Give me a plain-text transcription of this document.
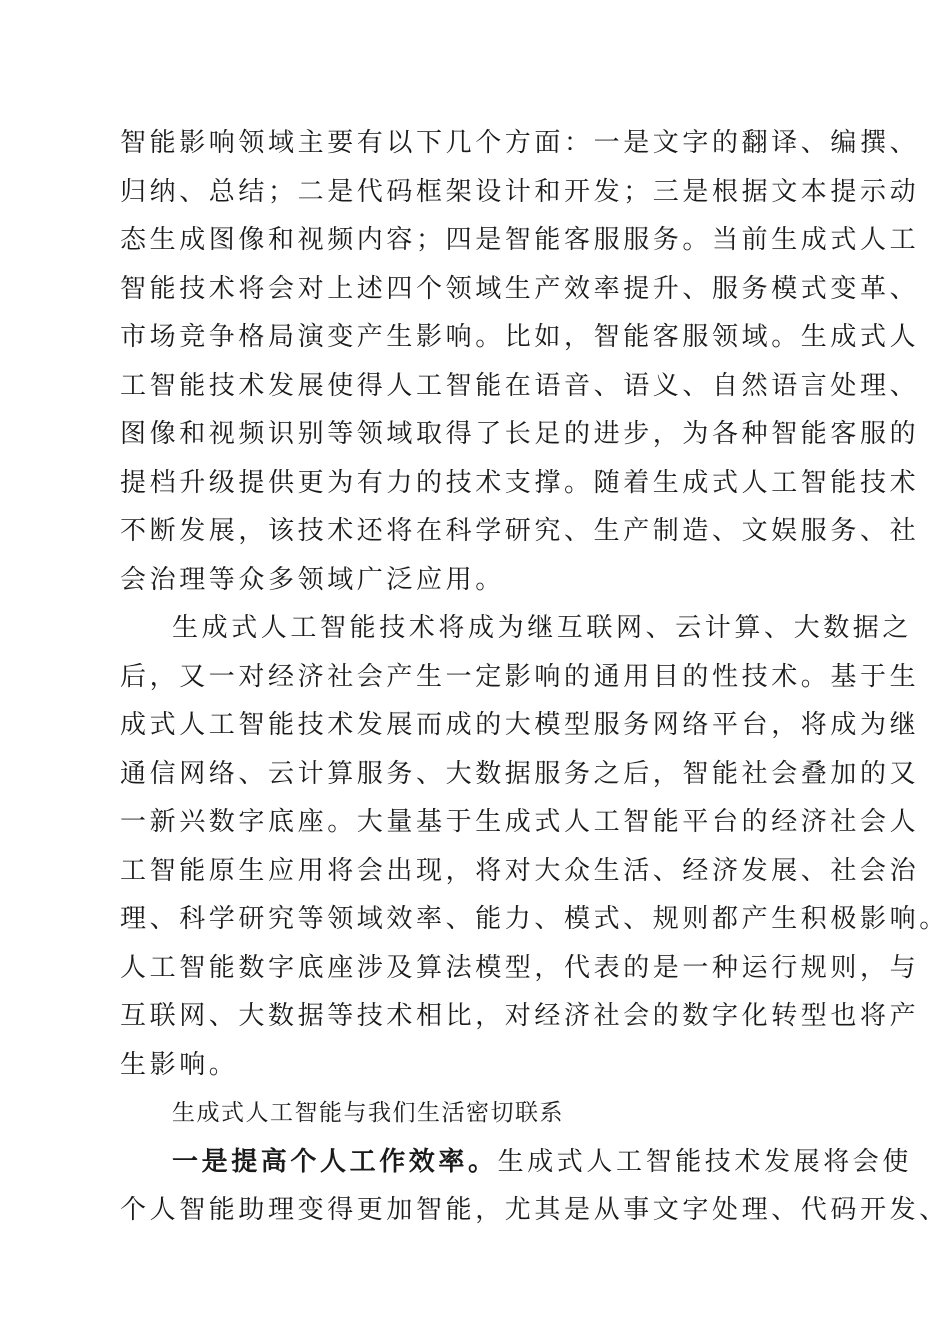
智能影响领域主要有以下几个方面：一是文字的翻译、编撰、
归纳、总结；二是代码框架设计和开发；三是根据文本提示动
态生成图像和视频内容；四是智能客服服务。当前生成式人工
智能技术将会对上述四个领域生产效率提升、服务模式变革、
市场竞争格局演变产生影响。比如，智能客服领域。生成式人
工智能技术发展使得人工智能在语音、语义、自然语言处理、
图像和视频识别等领域取得了长足的进步，为各种智能客服的
提档升级提供更为有力的技术支撑。随着生成式人工智能技术
不断发展，该技术还将在科学研究、生产制造、文娱服务、社
会治理等众多领域广泛应用。
生成式人工智能技术将成为继互联网、云计算、大数据之
后，又一对经济社会产生一定影响的通用目的性技术。基于生
成式人工智能技术发展而成的大模型服务网络平台，将成为继
通信网络、云计算服务、大数据服务之后，智能社会叠加的又
一新兴数字底座。大量基于生成式人工智能平台的经济社会人
工智能原生应用将会出现，将对大众生活、经济发展、社会治
理、科学研究等领域效率、能力、模式、规则都产生积极影响。
人工智能数字底座涉及算法模型，代表的是一种运行规则，与
互联网、大数据等技术相比，对经济社会的数字化转型也将产
生影响。
生成式人工智能与我们生活密切联系
一是提高个人工作效率。生成式人工智能技术发展将会使
个人智能助理变得更加智能，尤其是从事文字处理、代码开发、
